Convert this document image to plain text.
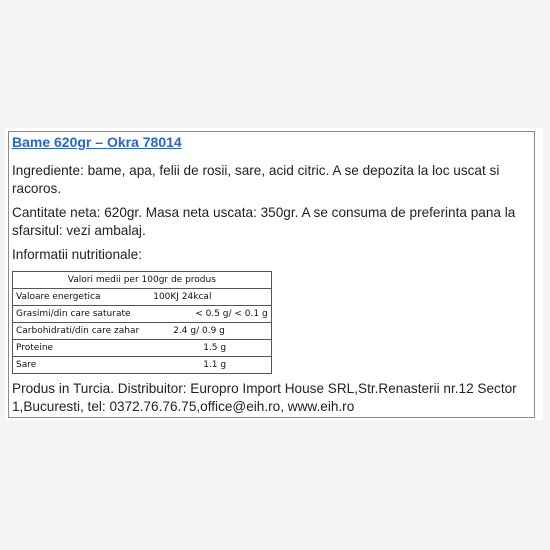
Bame 620gr – Okra 78014
Ingrediente: bame, apa, felii de rosii, sare, acid citric. A se depozita la loc uscat si racoros.
Cantitate neta: 620gr. Masa neta uscata: 350gr. A se consuma de preferinta pana la sfarsitul: vezi ambalaj.
Informatii nutritionale:
Valori medii per 100gr de produs	
Valoare energetica	100KJ 24kcal
Grasimi/din care saturate	< 0.5 g/ < 0.1 g
Carbohidrati/din care zahar	2.4 g/ 0.9 g
Proteine	1.5 g
Sare	1.1 g
Produs in Turcia. Distribuitor: Europro Import House SRL,Str.Renasterii nr.12 Sector 1,Bucuresti, tel: 0372.76.76.75,office@eih.ro, www.eih.ro
